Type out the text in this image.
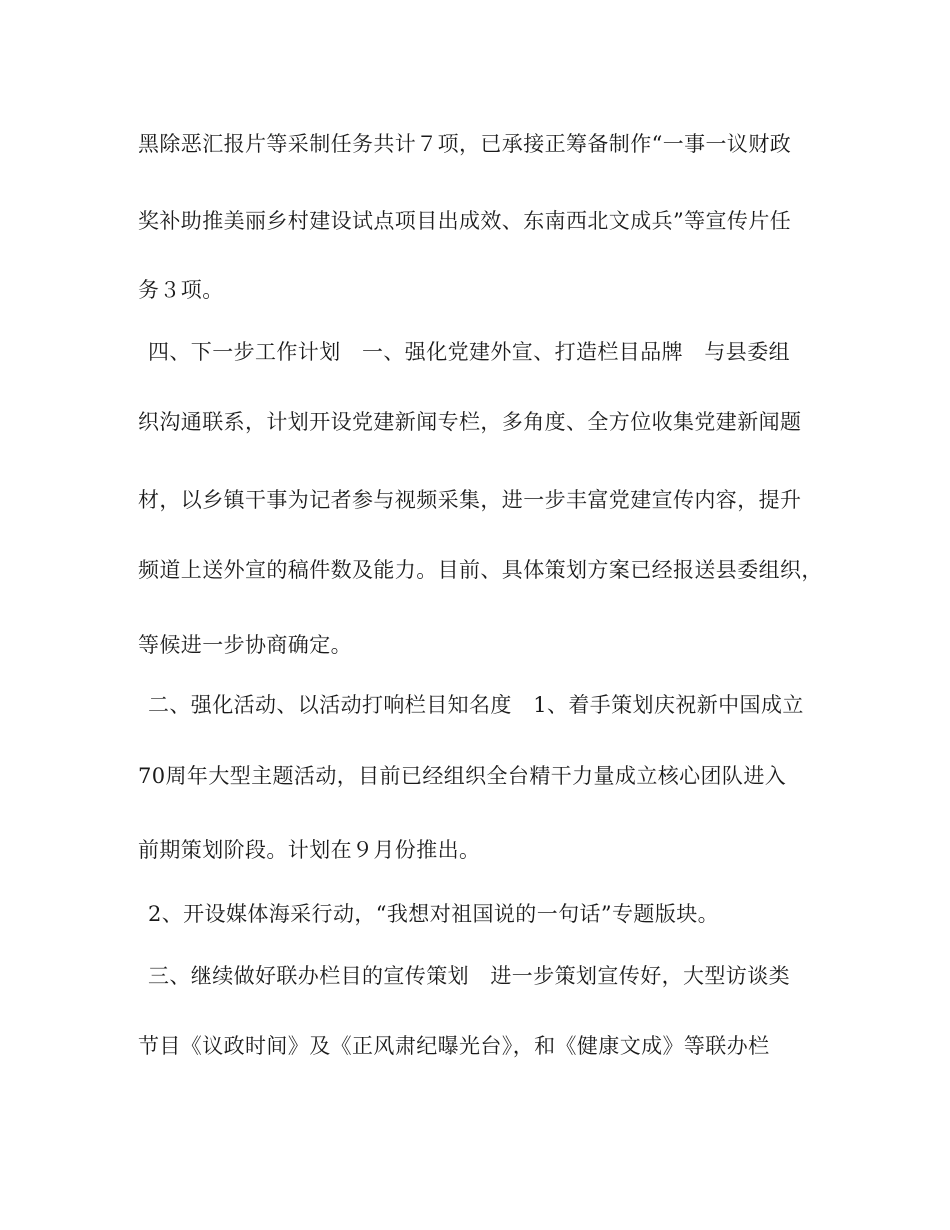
黑除恶汇报片等采制任务共计７项，已承接正筹备制作“一事一议财政
奖补助推美丽乡村建设试点项目出成效、东南西北文成兵”等宣传片任
务３项。
四、下一步工作计划　一、强化党建外宣、打造栏目品牌　与县委组
织沟通联系，计划开设党建新闻专栏，多角度、全方位收集党建新闻题
材，以乡镇干事为记者参与视频采集，进一步丰富党建宣传内容，提升
频道上送外宣的稿件数及能力。目前、具体策划方案已经报送县委组织，
等候进一步协商确定。
二、强化活动、以活动打响栏目知名度　1、着手策划庆祝新中国成立
70周年大型主题活动，目前已经组织全台精干力量成立核心团队进入
前期策划阶段。计划在９月份推出。
2、开设媒体海采行动，“我想对祖国说的一句话”专题版块。
三、继续做好联办栏目的宣传策划　进一步策划宣传好，大型访谈类
节目《议政时间》及《正风肃纪曝光台》，和《健康文成》等联办栏
